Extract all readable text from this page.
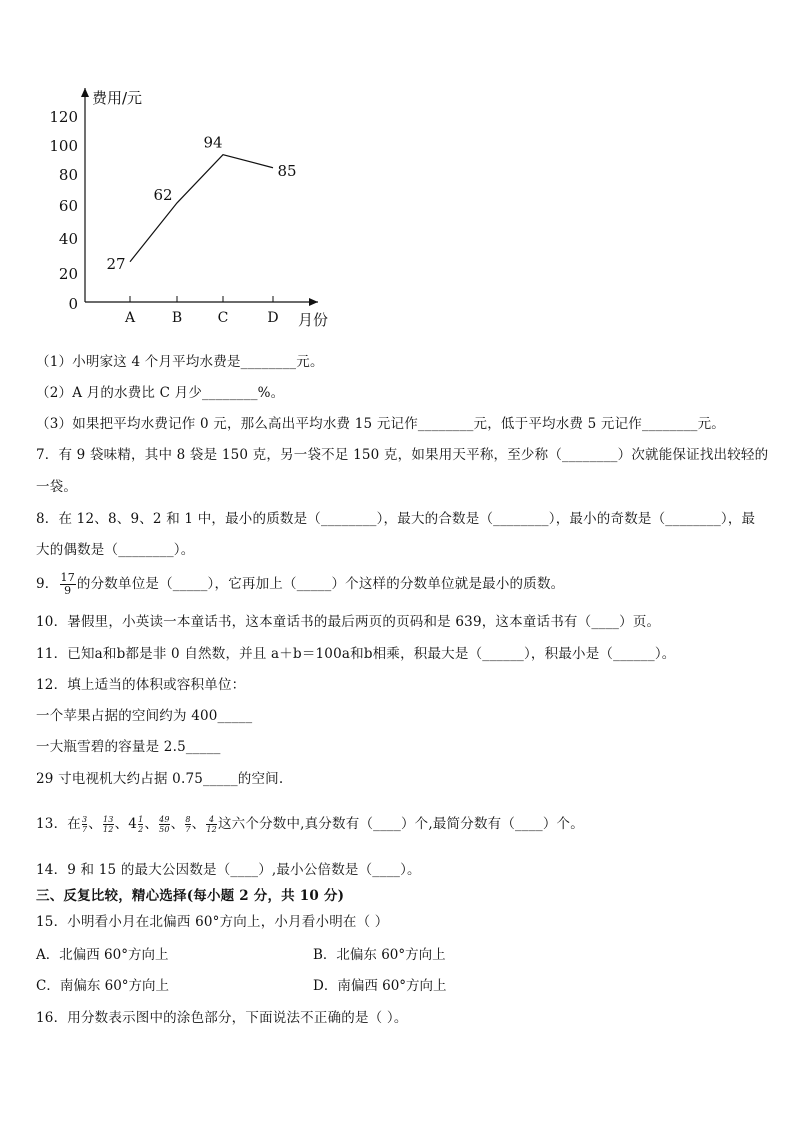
费用/元
月份
120
100
80
60
40
20
0
A	B	C	D
27
62
94
85
（1）小明家这 4 个月平均水费是________元。
（2）A 月的水费比 C 月少________%。
（3）如果把平均水费记作 0 元，那么高出平均水费 15 元记作________元，低于平均水费 5 元记作________元。
7．有 9 袋味精，其中 8 袋是 150 克，另一袋不足 150 克，如果用天平称，至少称（________）次就能保证找出较轻的
一袋。
8．在 12、8、9、2 和 1 中，最小的质数是（________），最大的合数是（________），最小的奇数是（________），最
大的偶数是（________）。
9． $\frac{17}{9}$ 的分数单位是（_____），它再加上（_____）个这样的分数单位就是最小的质数。
10．暑假里，小英读一本童话书，这本童话书的最后两页的页码和是 639，这本童话书有（____）页。
11．已知a和b都是非 0 自然数，并且 a＋b＝100a和b相乘，积最大是（______），积最小是（______）。
12．填上适当的体积或容积单位：
一个苹果占据的空间约为 400_____
一大瓶雪碧的容量是 2.5_____
29 寸电视机大约占据 0.75_____的空间.
13．在 $\frac{3}{7}$ 、 $\frac{13}{12}$ 、$4 \frac{1}{2}$ 、 $\frac{49}{50}$ 、 $\frac{8}{7}$ 、 $\frac{4}{12}$ 这六个分数中,真分数有（____）个,最简分数有（____）个。
14．9 和 15 的最大公因数是（____）,最小公倍数是（____）。
三、反复比较，精心选择(每小题 2 分，共 10 分)
15．小明看小月在北偏西 60°方向上，小月看小明在（ ）
A．北偏西 60°方向上	B．北偏东 60°方向上
C．南偏东 60°方向上	D．南偏西 60°方向上
16．用分数表示图中的涂色部分，下面说法不正确的是（ ）。
